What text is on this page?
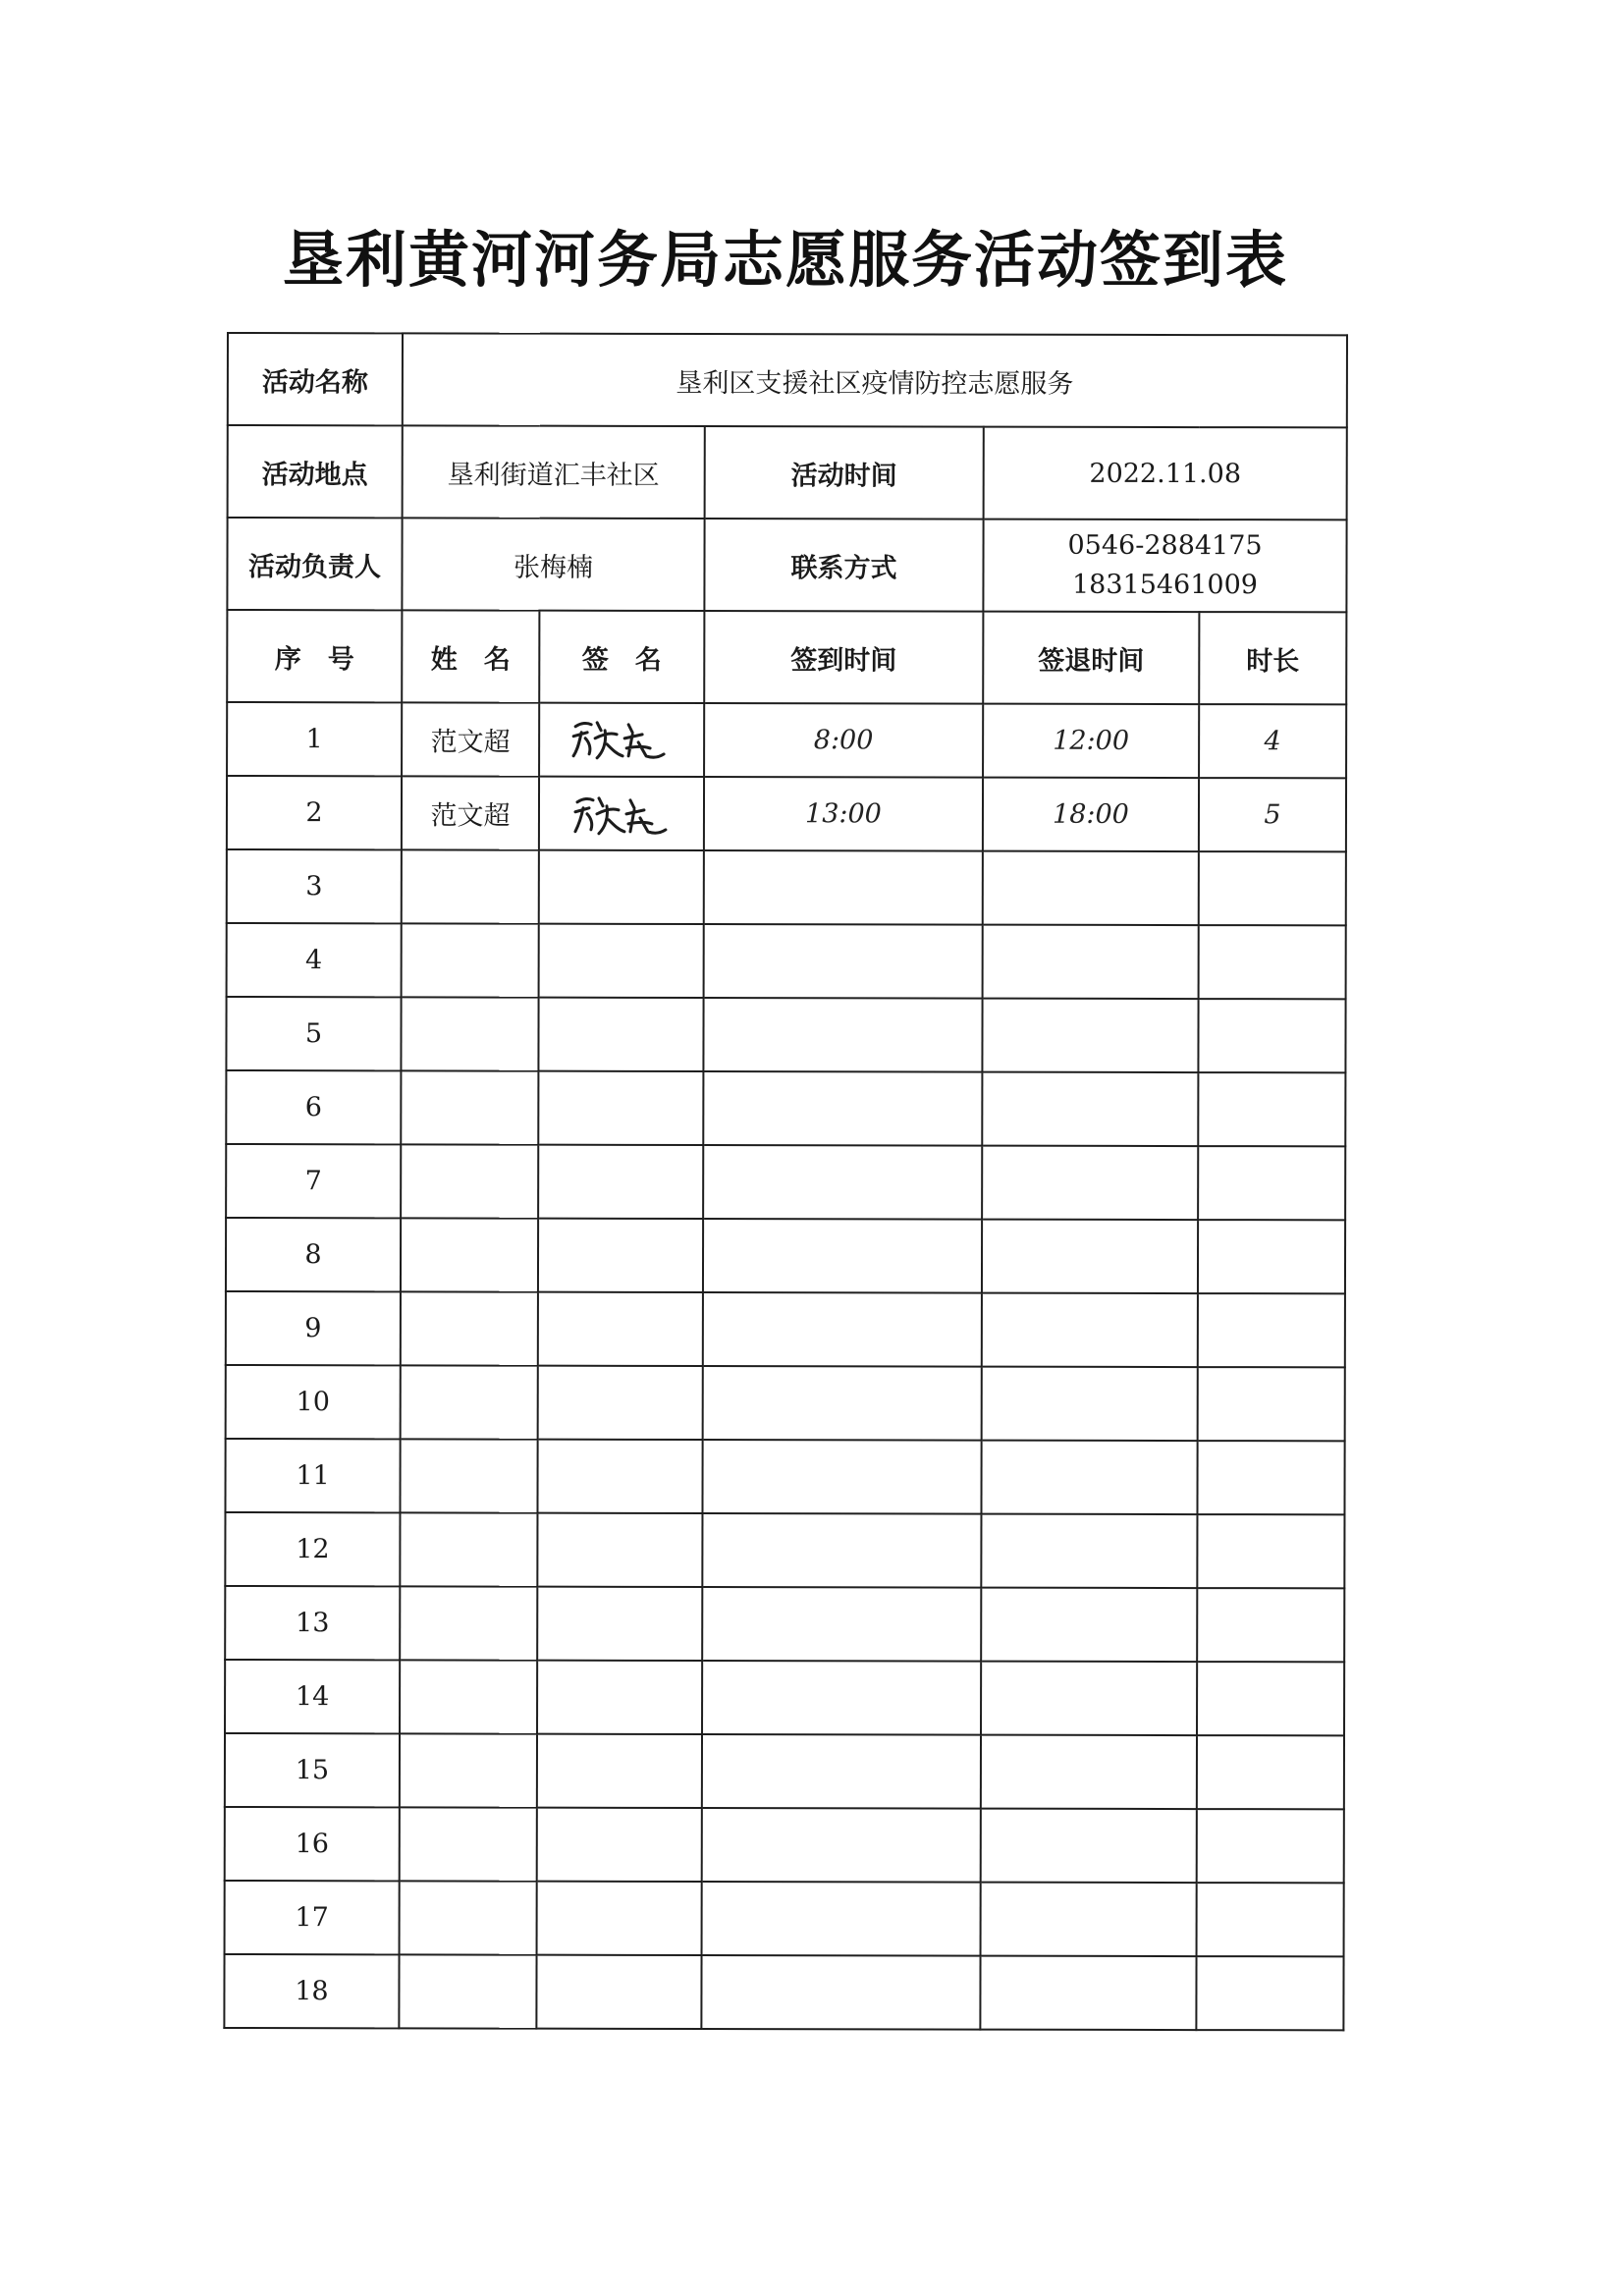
垦利黄河河务局志愿服务活动签到表
活动名称	垦利区支援社区疫情防控志愿服务				
活动地点	垦利街道汇丰社区		活动时间	2022.11.08	
活动负责人	张梅楠		联系方式	0546-2884175
18315461009	

序　号	姓　名	签　名	签到时间	签退时间	时长
1	范文超		8:00	12:00	4
2	范文超		13:00	18:00	5
3					
4					
5					
6					
7					
8					
9					
10					
11					
12					
13					
14					
15					
16					
17					
18					
